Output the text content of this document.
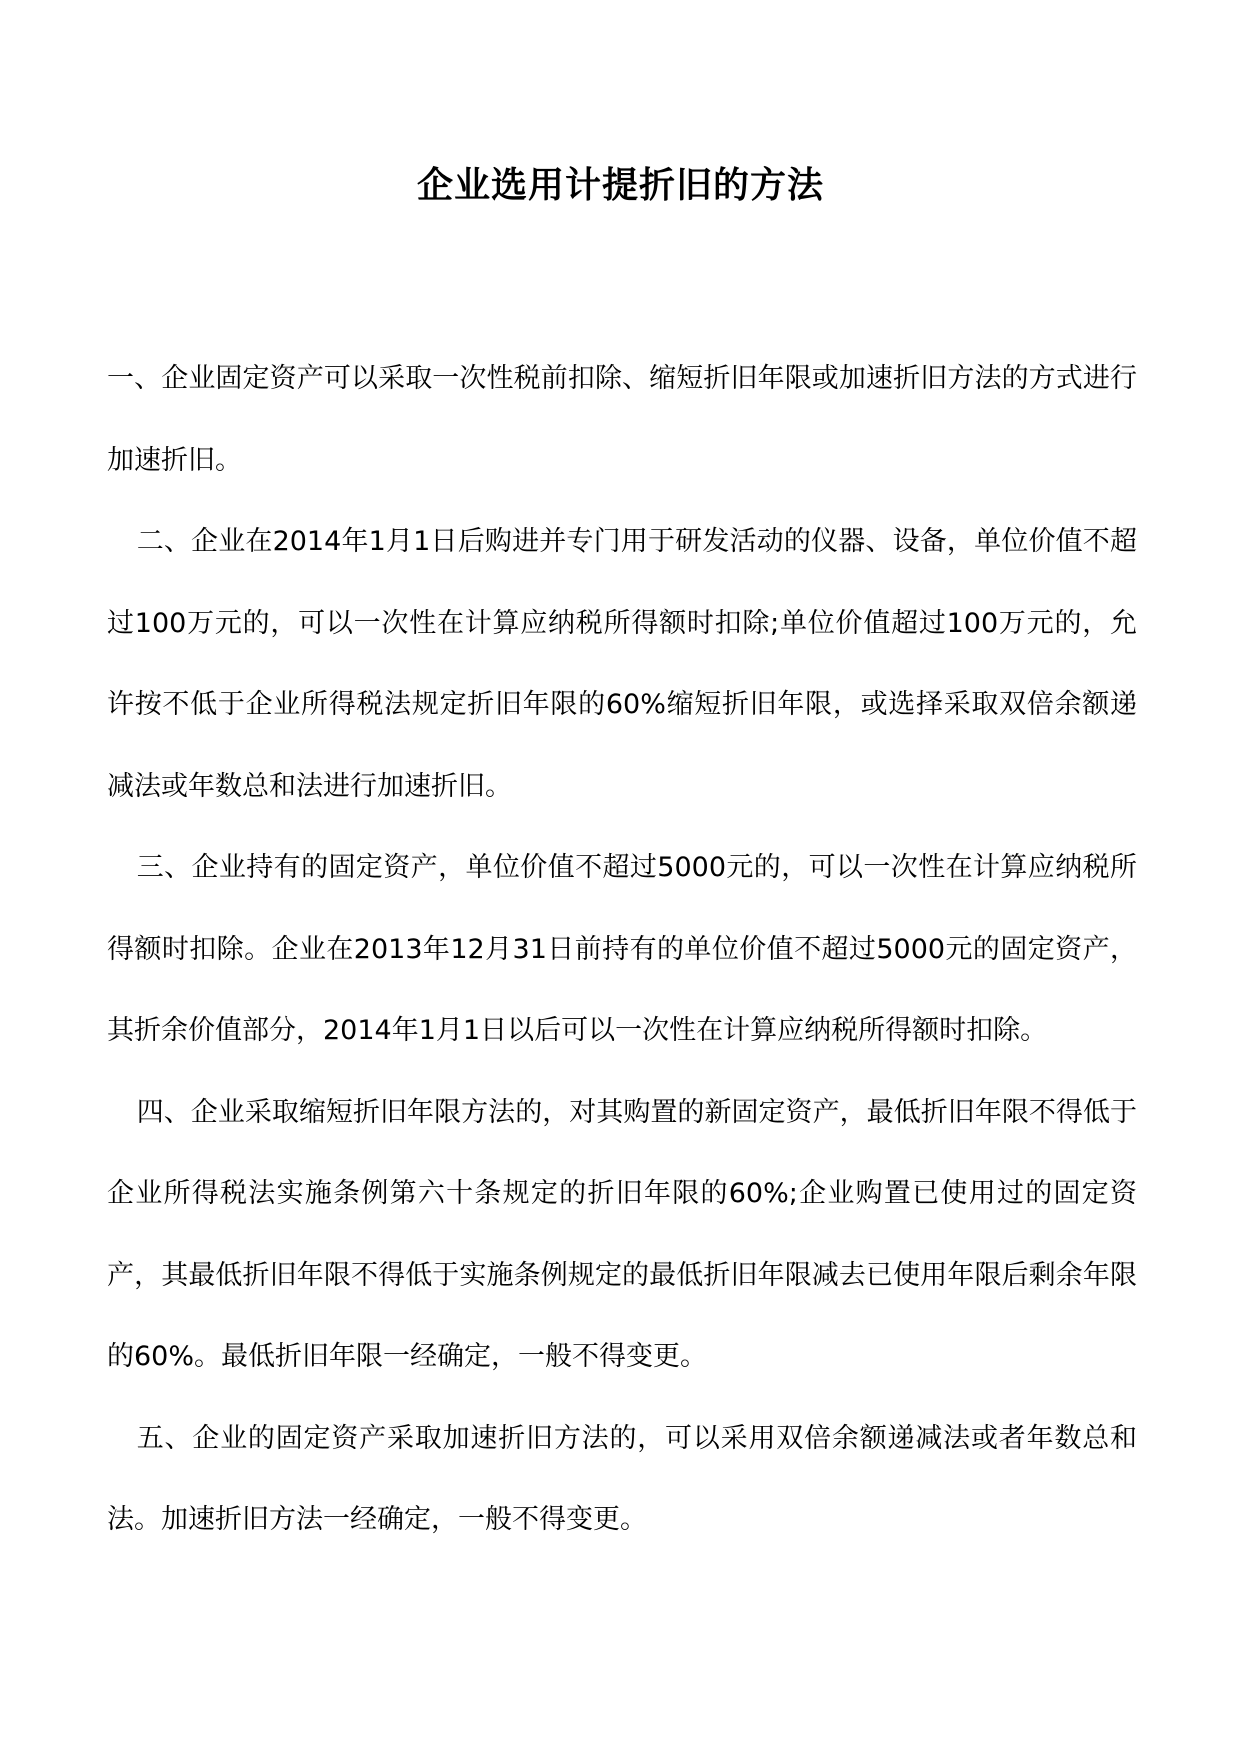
企业选用计提折旧的方法

一、企业固定资产可以采取一次性税前扣除、缩短折旧年限或加速折旧方法的方式进行加速折旧。

二、企业在2014年1月1日后购进并专门用于研发活动的仪器、设备，单位价值不超过100万元的，可以一次性在计算应纳税所得额时扣除;单位价值超过100万元的，允许按不低于企业所得税法规定折旧年限的60%缩短折旧年限，或选择采取双倍余额递减法或年数总和法进行加速折旧。

三、企业持有的固定资产，单位价值不超过5000元的，可以一次性在计算应纳税所得额时扣除。企业在2013年12月31日前持有的单位价值不超过5000元的固定资产，其折余价值部分，2014年1月1日以后可以一次性在计算应纳税所得额时扣除。

四、企业采取缩短折旧年限方法的，对其购置的新固定资产，最低折旧年限不得低于企业所得税法实施条例第六十条规定的折旧年限的60%;企业购置已使用过的固定资产，其最低折旧年限不得低于实施条例规定的最低折旧年限减去已使用年限后剩余年限的60%。最低折旧年限一经确定，一般不得变更。

五、企业的固定资产采取加速折旧方法的，可以采用双倍余额递减法或者年数总和法。加速折旧方法一经确定，一般不得变更。
